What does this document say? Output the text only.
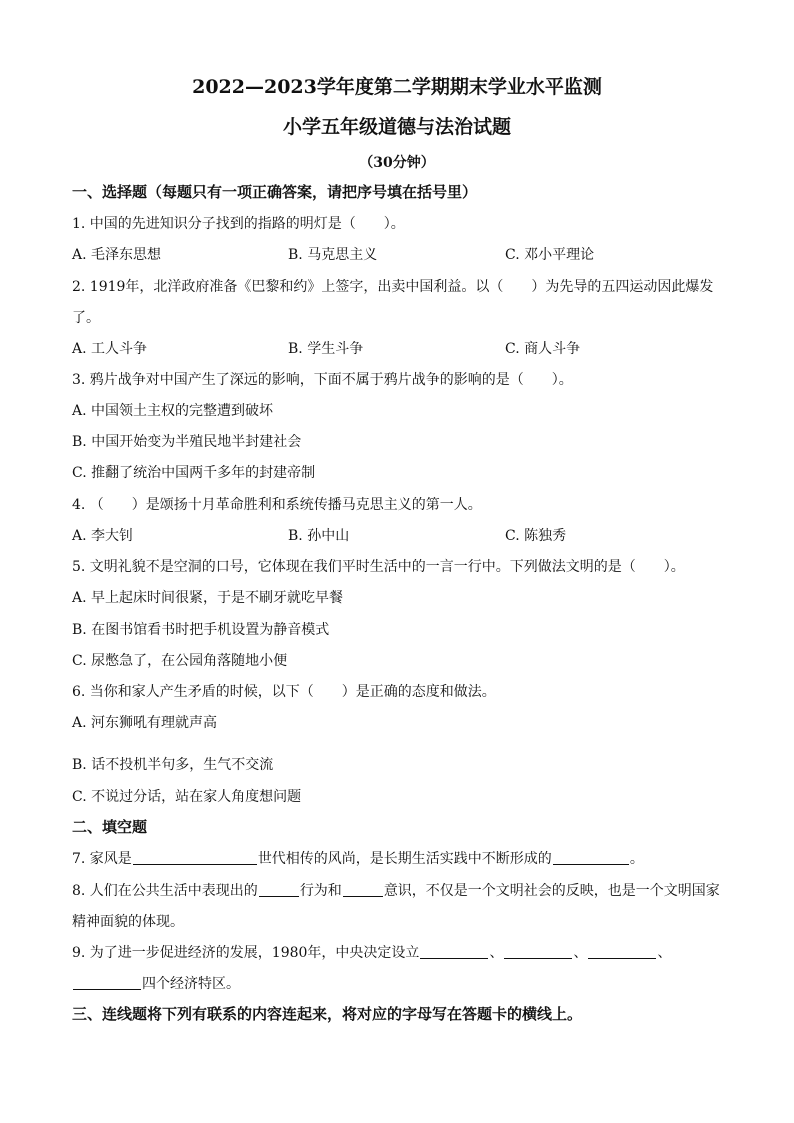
2022—2023学年度第二学期期末学业水平监测
小学五年级道德与法治试题
（30分钟）
一、选择题（每题只有一项正确答案，请把序号填在括号里）
1. 中国的先进知识分子找到的指路的明灯是（　　）。
A. 毛泽东思想	B. 马克思主义	C. 邓小平理论
2. 1919年，北洋政府准备《巴黎和约》上签字，出卖中国利益。以（　　）为先导的五四运动因此爆发
了。
A. 工人斗争	B. 学生斗争	C. 商人斗争
3. 鸦片战争对中国产生了深远的影响，下面不属于鸦片战争的影响的是（　　）。
A. 中国领土主权的完整遭到破坏
B. 中国开始变为半殖民地半封建社会
C. 推翻了统治中国两千多年的封建帝制
4. （　　）是颂扬十月革命胜利和系统传播马克思主义的第一人。
A. 李大钊	B. 孙中山	C. 陈独秀
5. 文明礼貌不是空洞的口号，它体现在我们平时生活中的一言一行中。下列做法文明的是（　　）。
A. 早上起床时间很紧，于是不刷牙就吃早餐
B. 在图书馆看书时把手机设置为静音模式
C. 尿憋急了，在公园角落随地小便
6. 当你和家人产生矛盾的时候，以下（　　）是正确的态度和做法。
A. 河东狮吼有理就声高
B. 话不投机半句多，生气不交流
C. 不说过分话，站在家人角度想问题
二、填空题
7. 家风是	世代相传的风尚，是长期生活实践中不断形成的	。
8. 人们在公共生活中表现出的	行为和	意识，不仅是一个文明社会的反映，也是一个文明国家
精神面貌的体现。
9. 为了进一步促进经济的发展，1980年，中央决定设立	、	、	、
四个经济特区。
三、连线题将下列有联系的内容连起来，将对应的字母写在答题卡的横线上。
